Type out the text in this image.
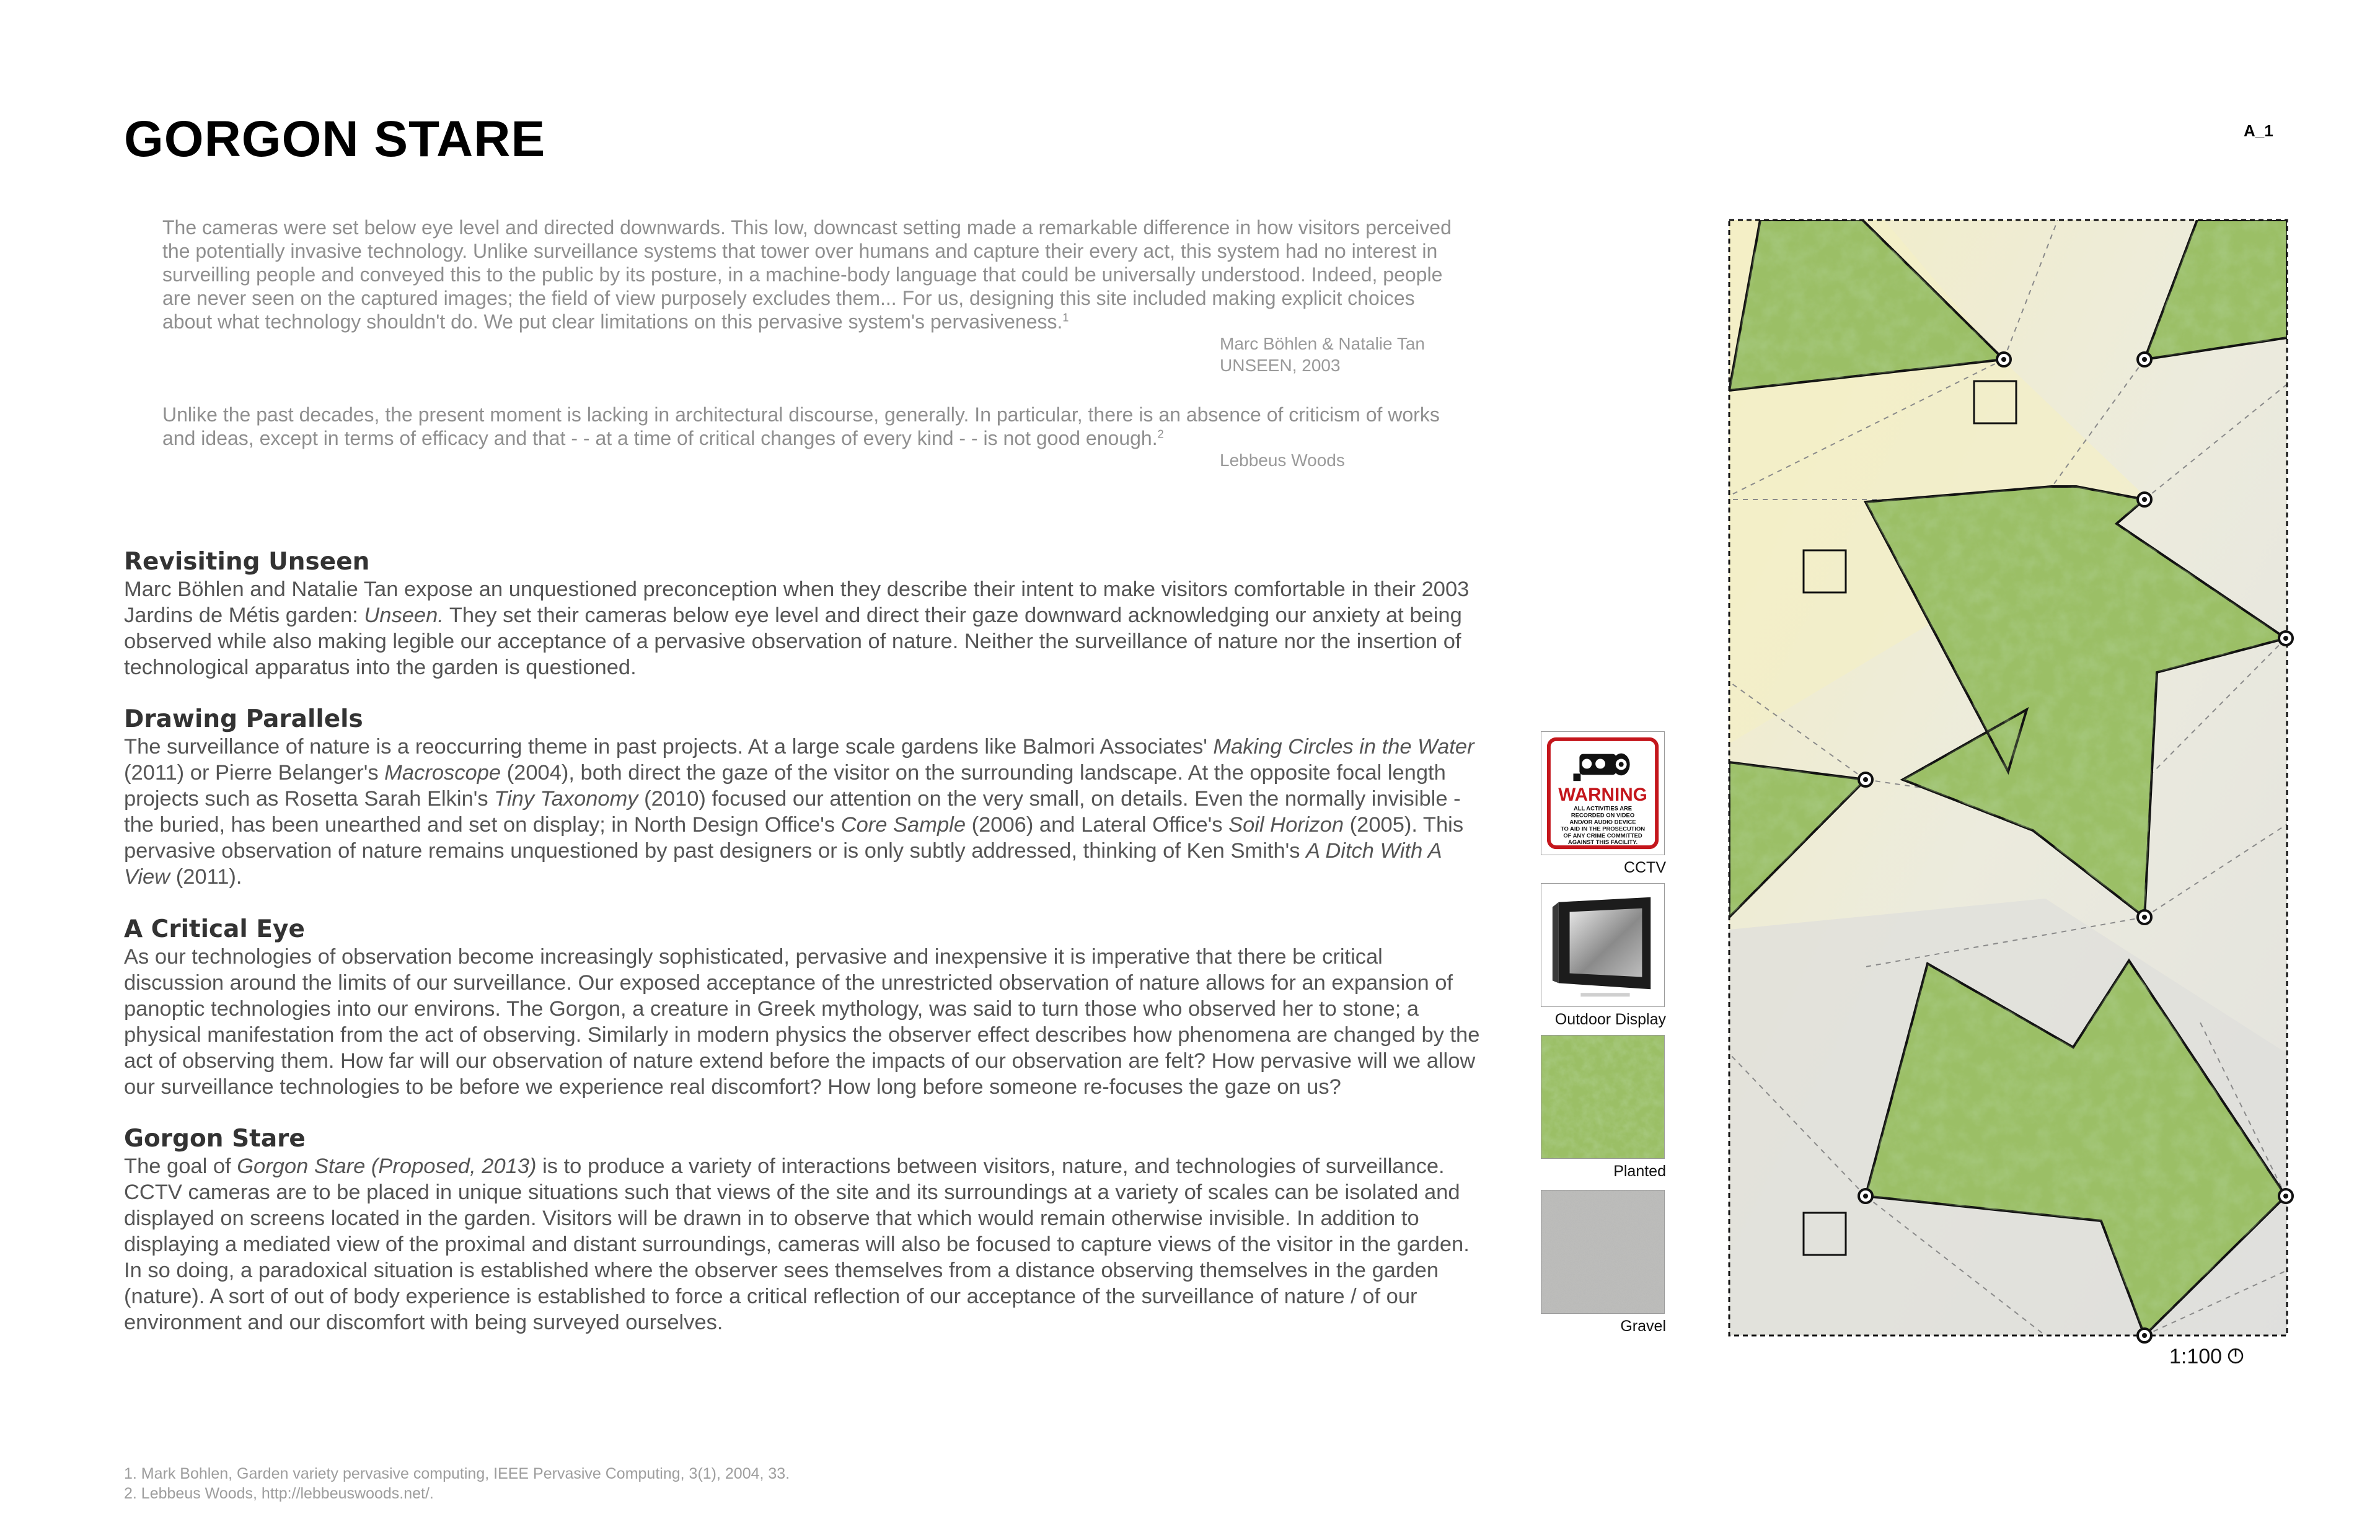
GORGON STARE	A_1

The cameras were set below eye level and directed downwards. This low, downcast setting made a remarkable difference in how visitors perceived the potentially invasive technology. Unlike surveillance systems that tower over humans and capture their every act, this system had no interest in surveilling people and conveyed this to the public by its posture, in a machine-body language that could be universally understood. Indeed, people are never seen on the captured images; the field of view purposely excludes them... For us, designing this site included making explicit choices about what technology shouldn't do. We put clear limitations on this pervasive system's pervasiveness.$^1$

Marc Böhlen & Natalie Tan
UNSEEN, 2003

Unlike the past decades, the present moment is lacking in architectural discourse, generally. In particular, there is an absence of criticism of works and ideas, except in terms of efficacy and that - - at a time of critical changes of every kind - - is not good enough.$^2$

Lebbeus Woods
Revisiting Unseen

Marc Böhlen and Natalie Tan expose an unquestioned preconception when they describe their intent to make visitors comfortable in their 2003 Jardins de Métis garden: Unseen. They set their cameras below eye level and direct their gaze downward acknowledging our anxiety at being observed while also making legible our acceptance of a pervasive observation of nature. Neither the surveillance of nature nor the insertion of technological apparatus into the garden is questioned.

Drawing Parallels

The surveillance of nature is a reoccurring theme in past projects. At a large scale gardens like Balmori Associates' Making Circles in the Water (2011) or Pierre Belanger's Macroscope (2004), both direct the gaze of the visitor on the surrounding landscape. At the opposite focal length projects such as Rosetta Sarah Elkin's Tiny Taxonomy (2010) focused our attention on the very small, on details. Even the normally invisible - the buried, has been unearthed and set on display; in North Design Office's Core Sample (2006) and Lateral Office's Soil Horizon (2005). This pervasive observation of nature remains unquestioned by past designers or is only subtly addressed, thinking of Ken Smith's A Ditch With A View (2011).

A Critical Eye

As our technologies of observation become increasingly sophisticated, pervasive and inexpensive it is imperative that there be critical discussion around the limits of our surveillance. Our exposed acceptance of the unrestricted observation of nature allows for an expansion of panoptic technologies into our environs. The Gorgon, a creature in Greek mythology, was said to turn those who observed her to stone; a physical manifestation from the act of observing. Similarly in modern physics the observer effect describes how phenomena are changed by the act of observing them. How far will our observation of nature extend before the impacts of our observation are felt? How pervasive will we allow our surveillance technologies to be before we experience real discomfort? How long before someone re-focuses the gaze on us?

Gorgon Stare

The goal of Gorgon Stare (Proposed, 2013) is to produce a variety of interactions between visitors, nature, and technologies of surveillance. CCTV cameras are to be placed in unique situations such that views of the site and its surroundings at a variety of scales can be isolated and displayed on screens located in the garden. Visitors will be drawn in to observe that which would remain otherwise invisible. In addition to displaying a mediated view of the proximal and distant surroundings, cameras will also be focused to capture views of the visitor in the garden. In so doing, a paradoxical situation is established where the observer sees themselves from a distance observing themselves in the garden (nature). A sort of out of body experience is established to force a critical reflection of our acceptance of the surveillance of nature / of our environment and our discomfort with being surveyed ourselves.

1. Mark Bohlen, Garden variety pervasive computing, IEEE Pervasive Computing, 3(1), 2004, 33.
2. Lebbeus Woods, http://lebbeuswoods.net/.
WARNING
ALL ACTIVITIES ARE
RECORDED ON VIDEO
AND/OR AUDIO DEVICE
TO AID IN THE PROSECUTION
OF ANY CRIME COMMITTED
AGAINST THIS FACILITY.
CCTV
Outdoor Display
Planted
Gravel
1:100
